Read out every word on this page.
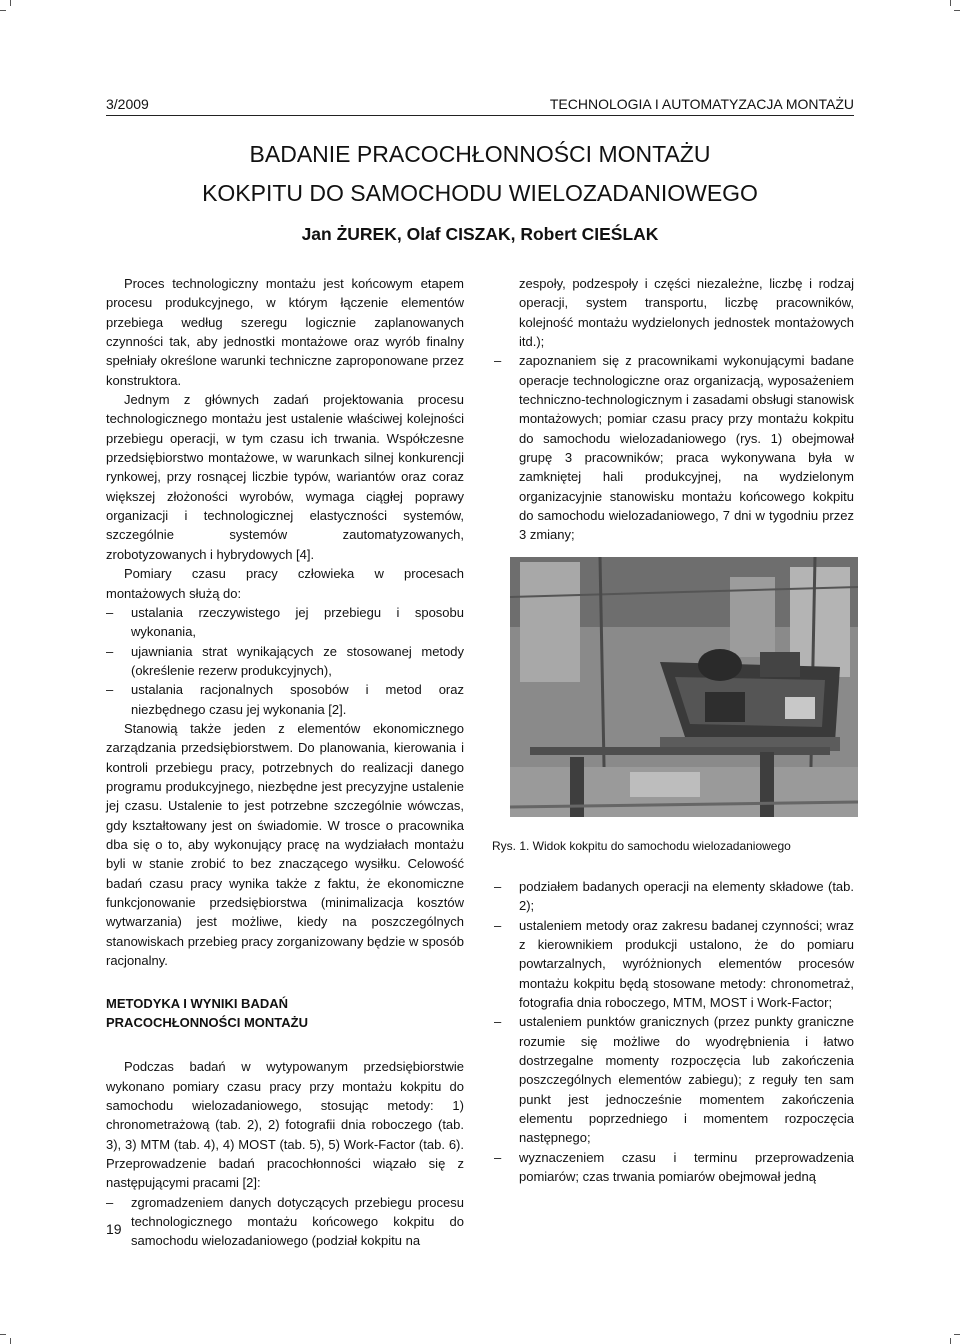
3/2009	TECHNOLOGIA I AUTOMATYZACJA MONTAŻU
BADANIE PRACOCHŁONNOŚCI MONTAŻU
KOKPITU DO SAMOCHODU WIELOZADANIOWEGO
Jan ŻUREK, Olaf CISZAK, Robert CIEŚLAK

Proces technologiczny montażu jest końcowym etapem procesu produkcyjnego, w którym łączenie elementów przebiega według szeregu logicznie zaplanowanych czynności tak, aby jednostki montażowe oraz wyrób finalny spełniały określone warunki techniczne zaproponowane przez konstruktora.

Jednym z głównych zadań projektowania procesu technologicznego montażu jest ustalenie właściwej kolejności przebiegu operacji, w tym czasu ich trwania. Współczesne przedsiębiorstwo montażowe, w warunkach silnej konkurencji rynkowej, przy rosnącej liczbie typów, wariantów oraz coraz większej złożoności wyrobów, wymaga ciągłej poprawy organizacji i technologicznej elastyczności systemów, szczególnie systemów zautomatyzowanych, zrobotyzowanych i hybrydowych [4].

Pomiary czasu pracy człowieka w procesach montażowych służą do:

– ustalania rzeczywistego jej przebiegu i sposobu wykonania,
– ujawniania strat wynikających ze stosowanej metody (określenie rezerw produkcyjnych),
– ustalania racjonalnych sposobów i metod oraz niezbędnego czasu jej wykonania [2].

Stanowią także jeden z elementów ekonomicznego zarządzania przedsiębiorstwem. Do planowania, kierowania i kontroli przebiegu pracy, potrzebnych do realizacji danego programu produkcyjnego, niezbędne jest precyzyjne ustalenie jej czasu. Ustalenie to jest potrzebne szczególnie wówczas, gdy kształtowany jest on świadomie. W trosce o pracownika dba się o to, aby wykonujący pracę na wydziałach montażu byli w stanie zrobić to bez znaczącego wysiłku. Celowość badań czasu pracy wynika także z faktu, że ekonomiczne funkcjonowanie przedsiębiorstwa (minimalizacja kosztów wytwarzania) jest możliwe, kiedy na poszczególnych stanowiskach przebieg pracy zorganizowany będzie w sposób racjonalny.

METODYKA I WYNIKI BADAŃ

PRACOCHŁONNOŚCI MONTAŻU

Podczas badań w wytypowanym przedsiębiorstwie wykonano pomiary czasu pracy przy montażu kokpitu do samochodu wielozadaniowego, stosując metody: 1) chronometrażową (tab. 2), 2) fotografii dnia roboczego (tab. 3), 3) MTM (tab. 4), 4) MOST (tab. 5), 5) Work-Factor (tab. 6). Przeprowadzenie badań pracochłonności wiązało się z następującymi pracami [2]:

– zgromadzeniem danych dotyczących przebiegu procesu technologicznego montażu końcowego kokpitu do samochodu wielozadaniowego (podział kokpitu na

zespoły, podzespoły i części niezależne, liczbę i rodzaj operacji, system transportu, liczbę pracowników, kolejność montażu wydzielonych jednostek montażowych itd.);

– zapoznaniem się z pracownikami wykonującymi badane operacje technologiczne oraz organizacją, wyposażeniem techniczno-technologicznym i zasadami obsługi stanowisk montażowych; pomiar czasu pracy przy montażu kokpitu do samochodu wielozadaniowego (rys. 1) obejmował grupę 3 pracowników; praca wykonywana była w zamkniętej hali produkcyjnej, na wydzielonym organizacyjnie stanowisku montażu końcowego kokpitu do samochodu wielozadaniowego, 7 dni w tygodniu przez 3 zmiany;
Rys. 1. Widok kokpitu do samochodu wielozadaniowego
– podziałem badanych operacji na elementy składowe (tab. 2);
– ustaleniem metody oraz zakresu badanej czynności; wraz z kierownikiem produkcji ustalono, że do pomiaru powtarzalnych, wyróżnionych elementów procesów montażu kokpitu będą stosowane metody: chronometraż, fotografia dnia roboczego, MTM, MOST i Work-Factor;
– ustaleniem punktów granicznych (przez punkty graniczne rozumie się możliwe do wyodrębnienia i łatwo dostrzegalne momenty rozpoczęcia lub zakończenia poszczególnych elementów zabiegu); z reguły ten sam punkt jest jednocześnie momentem zakończenia elementu poprzedniego i momentem rozpoczęcia następnego;
– wyznaczeniem czasu i terminu przeprowadzenia pomiarów; czas trwania pomiarów obejmował jedną
19
